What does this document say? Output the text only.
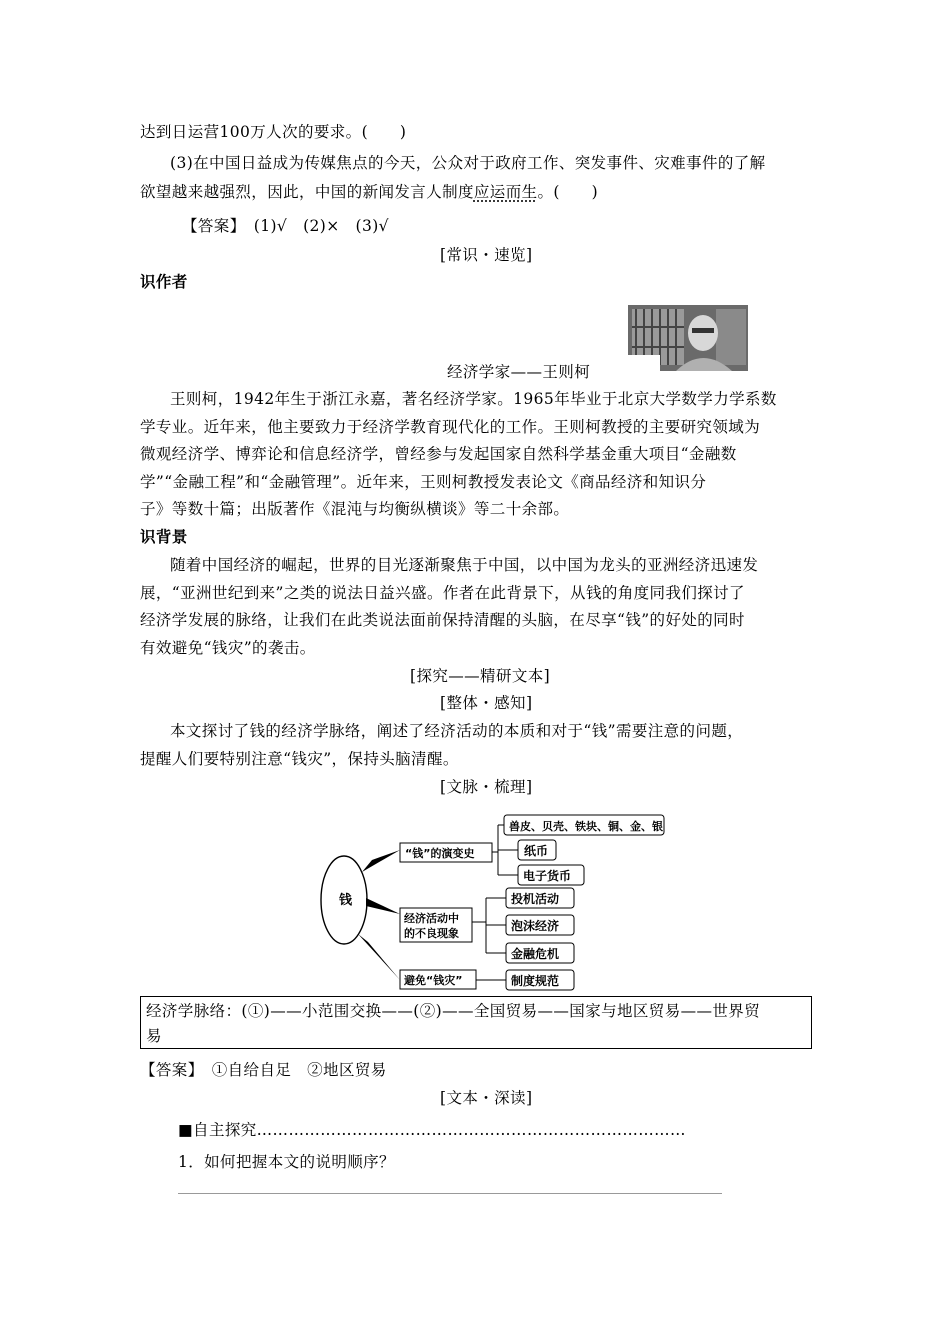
达到日运营100万人次的要求。(　　)
(3)在中国日益成为传媒焦点的今天，公众对于政府工作、突发事件、灾难事件的了解
欲望越来越强烈，因此，中国的新闻发言人制度应运而生。(　　)
【答案】　(1)√　(2)×　(3)√
[常识・速览]
识作者
经济学家——王则柯
王则柯，1942年生于浙江永嘉，著名经济学家。1965年毕业于北京大学数学力学系数
学专业。近年来，他主要致力于经济学教育现代化的工作。王则柯教授的主要研究领域为
微观经济学、博弈论和信息经济学，曾经参与发起国家自然科学基金重大项目“金融数
学”“金融工程”和“金融管理”。近年来，王则柯教授发表论文《商品经济和知识分
子》等数十篇；出版著作《混沌与均衡纵横谈》等二十余部。
识背景
随着中国经济的崛起，世界的目光逐渐聚焦于中国，以中国为龙头的亚洲经济迅速发
展，“亚洲世纪到来”之类的说法日益兴盛。作者在此背景下，从钱的角度同我们探讨了
经济学发展的脉络，让我们在此类说法面前保持清醒的头脑，在尽享“钱”的好处的同时
有效避免“钱灾”的袭击。
[探究——精研文本]
[整体・感知]
本文探讨了钱的经济学脉络，阐述了经济活动的本质和对于“钱”需要注意的问题，
提醒人们要特别注意“钱灾”，保持头脑清醒。
[文脉・梳理]
钱
“钱”的演变史
兽皮、贝壳、铁块、铜、金、银
纸币
电子货币
经济活动中
的不良现象
投机活动
泡沫经济
金融危机
避免“钱灾”	制度规范
经济学脉络：(①)——小范围交换——(②)——全国贸易——国家与地区贸易——世界贸
易
【答案】　①自给自足　②地区贸易
[文本・深读]
■自主探究………………………………………………………………………
1．如何把握本文的说明顺序？
